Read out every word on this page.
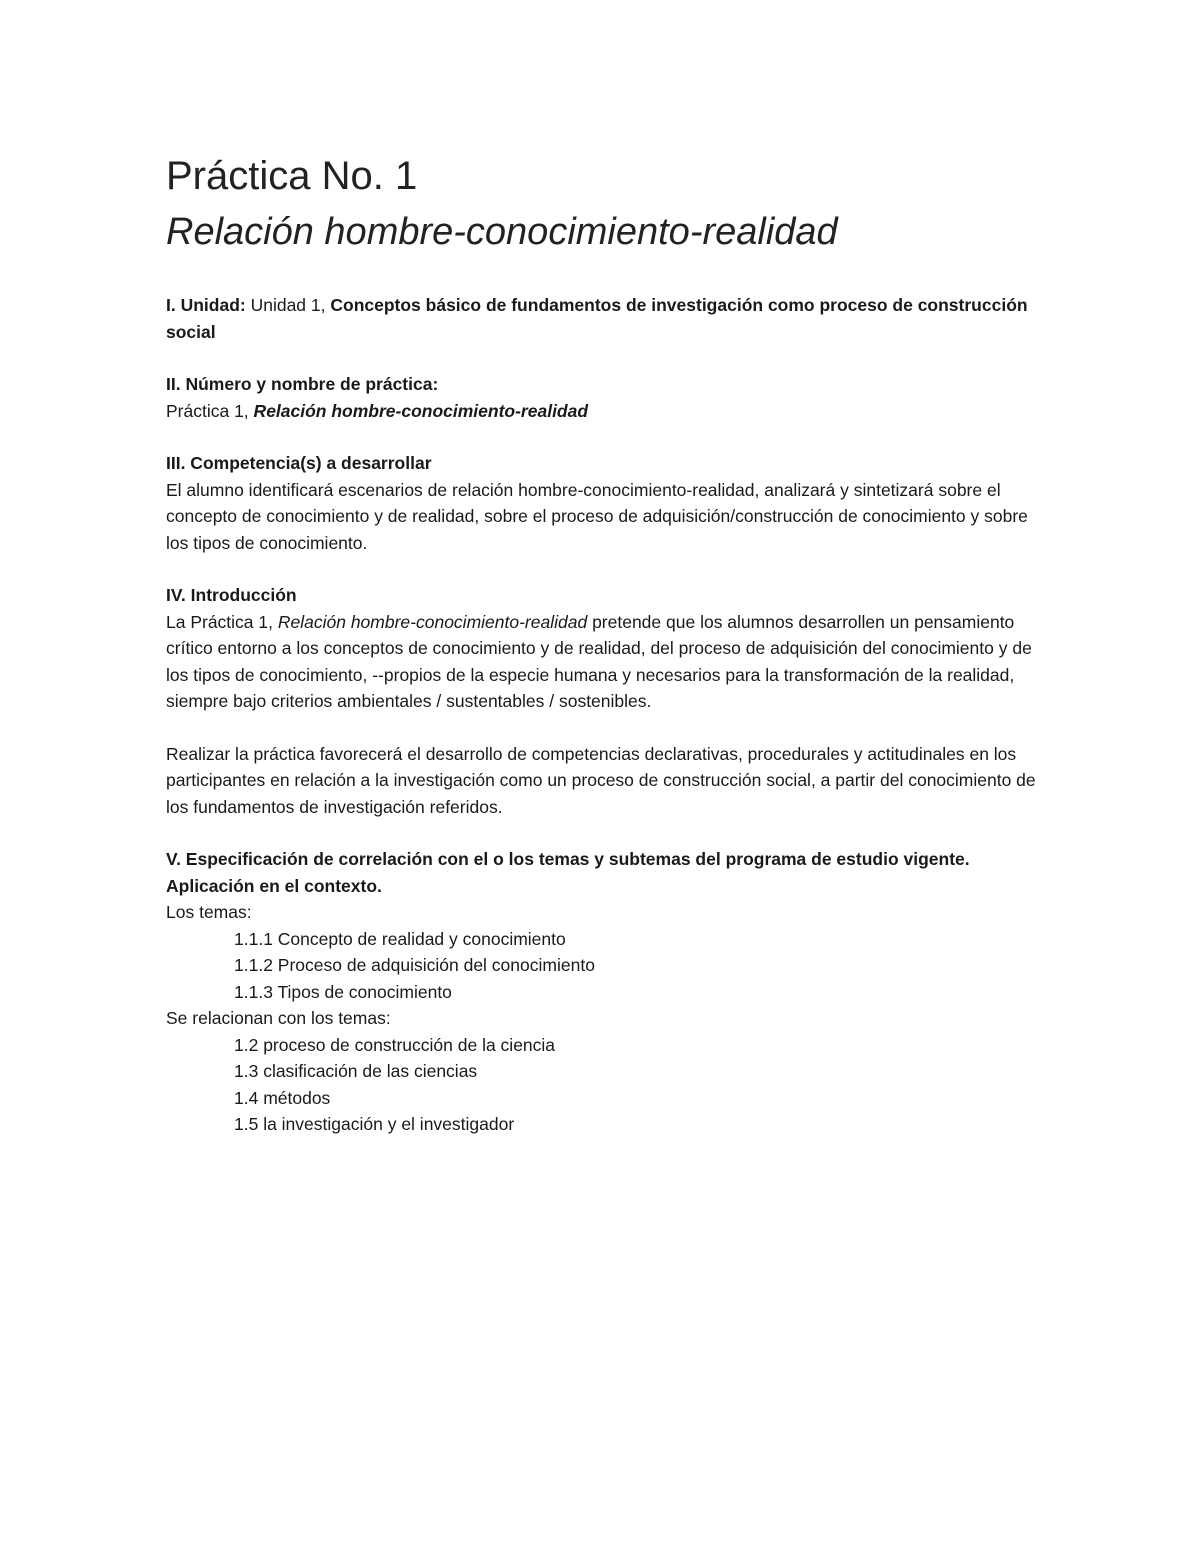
Práctica No. 1
Relación hombre-conocimiento-realidad

I. Unidad: Unidad 1, Conceptos básico de fundamentos de investigación como proceso de construcción social

II. Número y nombre de práctica:
Práctica 1, Relación hombre-conocimiento-realidad

III. Competencia(s) a desarrollar
El alumno identificará escenarios de relación hombre-conocimiento-realidad, analizará y sintetizará sobre el concepto de conocimiento y de realidad, sobre el proceso de adquisición/construcción de conocimiento y sobre los tipos de conocimiento.

IV. Introducción
La Práctica 1, Relación hombre-conocimiento-realidad pretende que los alumnos desarrollen un pensamiento crítico entorno a los conceptos de conocimiento y de realidad, del proceso de adquisición del conocimiento y de los tipos de conocimiento, --propios de la especie humana y necesarios para la transformación de la realidad, siempre bajo criterios ambientales / sustentables / sostenibles.

Realizar la práctica favorecerá el desarrollo de competencias declarativas, procedurales y actitudinales en los participantes en relación a la investigación como un proceso de construcción social, a partir del conocimiento de los fundamentos de investigación referidos.

V. Especificación de correlación con el o los temas y subtemas del programa de estudio vigente. Aplicación en el contexto.

Los temas:

1.1.1 Concepto de realidad y conocimiento

1.1.2 Proceso de adquisición del conocimiento

1.1.3 Tipos de conocimiento

Se relacionan con los temas:

1.2 proceso de construcción de la ciencia

1.3 clasificación de las ciencias

1.4 métodos

1.5 la investigación y el investigador
